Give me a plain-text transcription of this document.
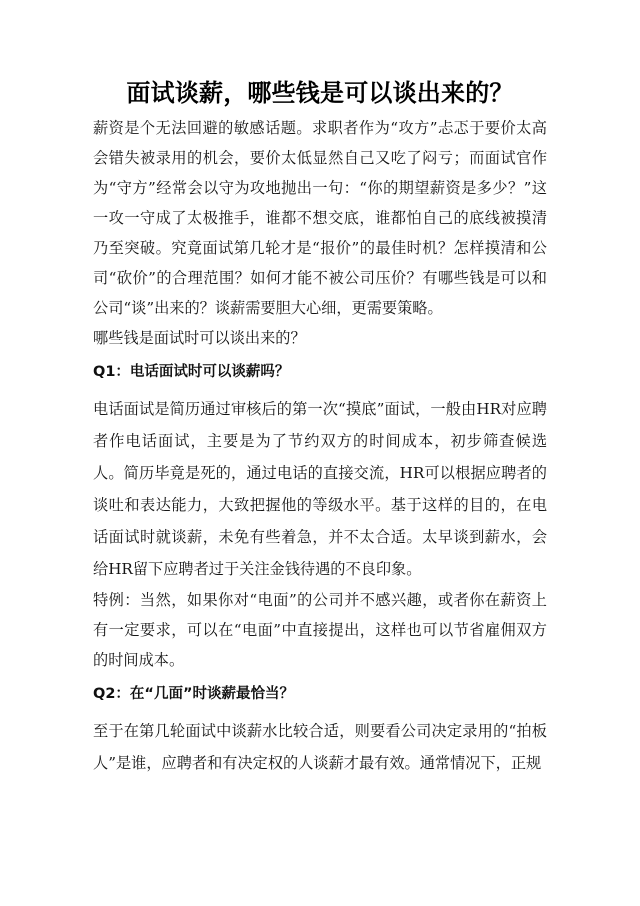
面试谈薪，哪些钱是可以谈出来的？

薪资是个无法回避的敏感话题。求职者作为“攻方”忐忑于要价太高会错失被录用的机会，要价太低显然自己又吃了闷亏；而面试官作为“守方”经常会以守为攻地抛出一句：“你的期望薪资是多少？”这一攻一守成了太极推手，谁都不想交底，谁都怕自己的底线被摸清乃至突破。究竟面试第几轮才是“报价”的最佳时机？怎样摸清和公司“砍价”的合理范围？如何才能不被公司压价？有哪些钱是可以和公司“谈”出来的？谈薪需要胆大心细，更需要策略。

哪些钱是面试时可以谈出来的？

Q1：电话面试时可以谈薪吗？

电话面试是简历通过审核后的第一次“摸底”面试，一般由HR对应聘者作电话面试，主要是为了节约双方的时间成本，初步筛查候选人。简历毕竟是死的，通过电话的直接交流，HR可以根据应聘者的谈吐和表达能力，大致把握他的等级水平。基于这样的目的，在电话面试时就谈薪，未免有些着急，并不太合适。太早谈到薪水，会给HR留下应聘者过于关注金钱待遇的不良印象。

特例：当然，如果你对“电面”的公司并不感兴趣，或者你在薪资上有一定要求，可以在“电面”中直接提出，这样也可以节省雇佣双方的时间成本。

Q2：在“几面”时谈薪最恰当？

至于在第几轮面试中谈薪水比较合适，则要看公司决定录用的“拍板人”是谁，应聘者和有决定权的人谈薪才最有效。通常情况下，正规
